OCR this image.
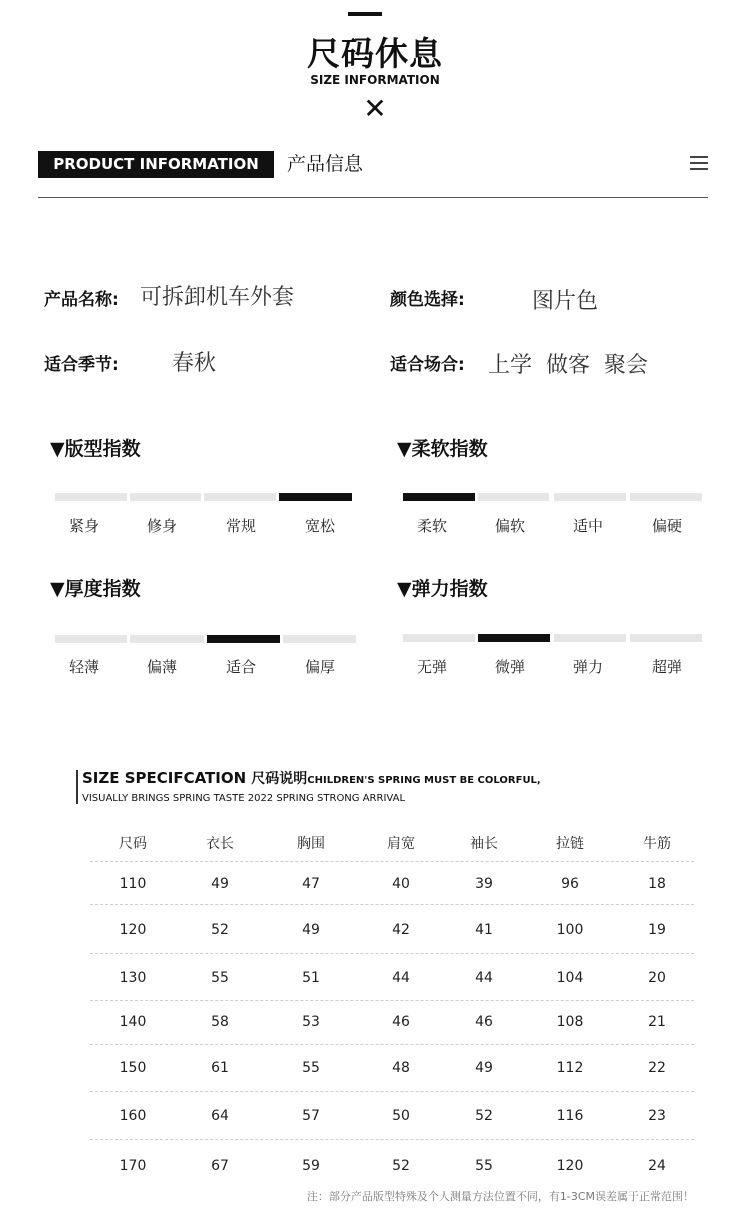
尺码休息
SIZE INFORMATION
✕
PRODUCT INFORMATION	产品信息
产品名称: 可拆卸机车外套	颜色选择:	图片色
适合季节: 春秋	适合场合: 上学  做客  聚会
▼版型指数
紧身	修身	常规	宽松
▼柔软指数
柔软	偏软	适中	偏硬
▼厚度指数
轻薄	偏薄	适合	偏厚
▼弹力指数
无弹	微弹	弹力	超弹
SIZE SPECIFCATION 尺码说明CHILDREN'S SPRING MUST BE COLORFUL,
VISUALLY BRINGS SPRING TASTE 2022 SPRING STRONG ARRIVAL
尺码	衣长	胸围	肩宽	袖长	拉链	牛筋
110	49	47	40	39	96	18
120	52	49	42	41	100	19
130	55	51	44	44	104	20
140	58	53	46	46	108	21
150	61	55	48	49	112	22
160	64	57	50	52	116	23
170	67	59	52	55	120	24
注：部分产品版型特殊及个人测量方法位置不同，有1-3CM误差属于正常范围！
